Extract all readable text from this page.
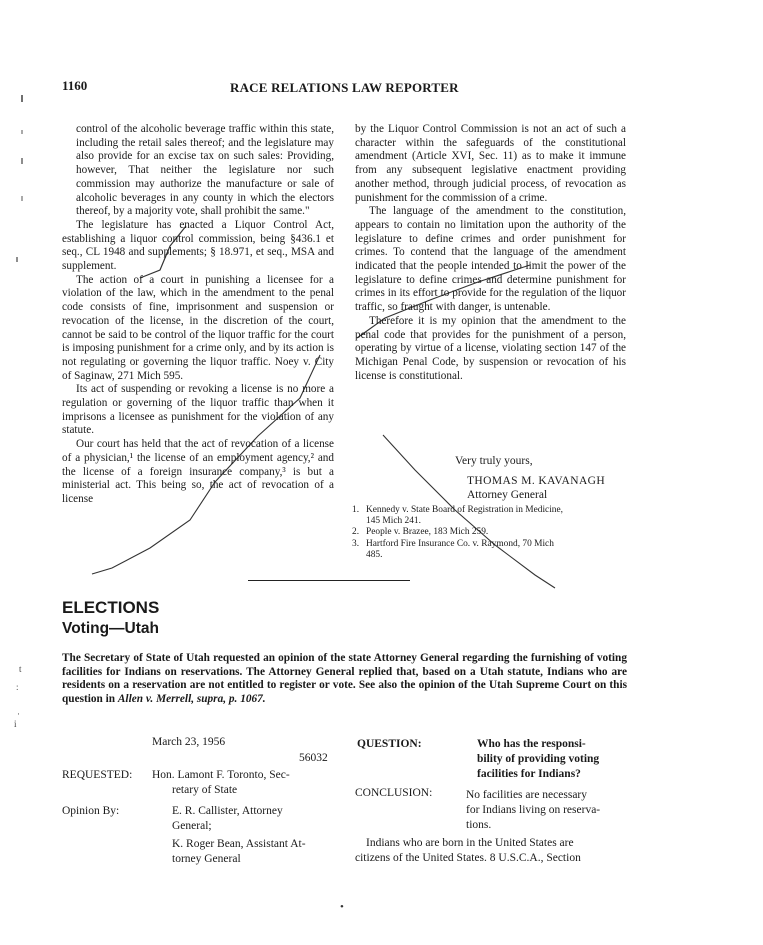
t
:
·
i
•
1160	RACE RELATIONS LAW REPORTER

control of the alcoholic beverage traffic within this state, including the retail sales thereof; and the legislature may also provide for an excise tax on such sales: Providing, however, That neither the legislature nor such commission may authorize the manufacture or sale of alcoholic beverages in any county in which the electors thereof, by a majority vote, shall prohibit the same."

The legislature has enacted a Liquor Control Act, establishing a liquor control commission, being §436.1 et seq., CL 1948 and supplements; § 18.971, et seq., MSA and supplement.

The action of a court in punishing a licensee for a violation of the law, which in the amendment to the penal code consists of fine, imprisonment and suspension or revocation of the license, in the discretion of the court, cannot be said to be control of the liquor traffic for the court is imposing punishment for a crime only, and by its action is not regulating or governing the liquor traffic. Noey v. City of Saginaw, 271 Mich 595.

Its act of suspending or revoking a license is no more a regulation or governing of the liquor traffic than when it imprisons a licensee as punishment for the violation of any statute.

Our court has held that the act of revocation of a license of a physician,¹ the license of an employment agency,² and the license of a foreign insurance company,³ is but a ministerial act. This being so, the act of revocation of a license

by the Liquor Control Commission is not an act of such a character within the safeguards of the constitutional amendment (Article XVI, Sec. 11) as to make it immune from any subsequent legislative enactment providing another method, through judicial process, of revocation as punishment for the commission of a crime.

The language of the amendment to the constitution, appears to contain no limitation upon the authority of the legislature to define crimes and order punishment for crimes. To contend that the language of the amendment indicated that the people intended to limit the power of the legislature to define crimes and determine punishment for crimes in its effort to provide for the regulation of the liquor traffic, so fraught with danger, is untenable.

Therefore it is my opinion that the amendment to the penal code that provides for the punishment of a person, operating by virtue of a license, violating section 147 of the Michigan Penal Code, by suspension or revocation of his license is constitutional.

Very truly yours,
THOMAS M. KAVANAGH
Attorney General
1. Kennedy v. State Board of Registration in Medicine,
145 Mich 241.
2. People v. Brazee, 183 Mich 259.
3. Hartford Fire Insurance Co. v. Raymond, 70 Mich
485.
ELECTIONS
Voting—Utah
The Secretary of State of Utah requested an opinion of the state Attorney General regarding the furnishing of voting facilities for Indians on reservations. The Attorney General replied that, based on a Utah statute, Indians who are residents on a reservation are not entitled to register or vote. See also the opinion of the Utah Supreme Court on this question in Allen v. Merrell, supra, p. 1067.
March 23, 1956
56032
REQUESTED: Hon. Lamont F. Toronto, Sec-
retary of State
Opinion By:	E. R. Callister, Attorney
General;
K. Roger Bean, Assistant At-
torney General
QUESTION:	Who has the responsi-
bility of providing voting
facilities for Indians?
CONCLUSION:	No facilities are necessary
for Indians living on reserva-
tions.
Indians who are born in the United States are
citizens of the United States. 8 U.S.C.A., Section
